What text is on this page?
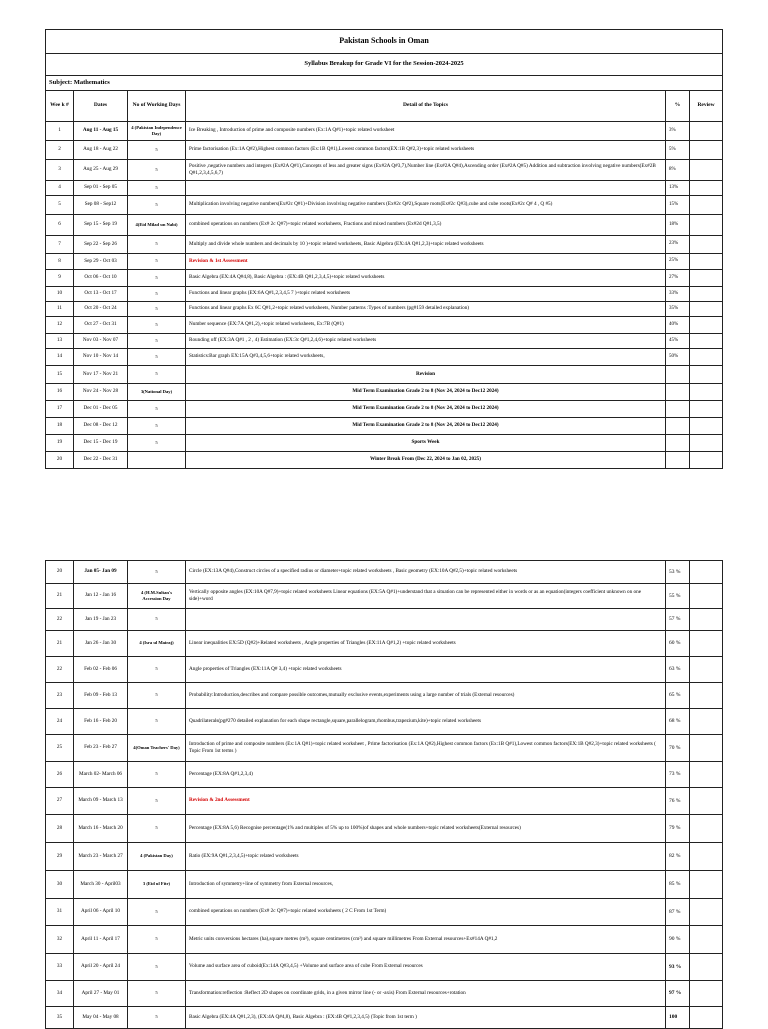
Pakistan Schools in Oman					
Syllabus Breakup for Grade VI for the Session-2024-2025					
Subject: Mathematics					
Wee k #	Dates	No of Working Days	Detail of the Topics	%	Review
1	Aug 11 - Aug 15	4 (Pakistan Independence Day)	Ice Breaking , Introduction of prime and composite numbers (Ex:1A Q#1)+topic related worksheet	3%	
2	Aug 18 - Aug 22	5	Prime factorisation (Ex:1A Q#2),Highest common factors (Ex:1B Q#1),Lowest common factors(EX:1B Q#2,3)+topic related worksheets	5%	
3	Aug 25 - Aug 29	5	Positive ,negative numbers and integers (Ex#2A Q#1),Concepts of less and greater signs (Ex#2A Q#3,7),Number line (Ex#2A Q#4),Ascending order (Ex#2A Q#5) Addition and subtraction involving negative numbers(Ex#2B Q#1,2,3,4,5,6,7)	8%	
4	Sep 01 - Sep 05	5		13%	
5	Sep 08 - Sep12	5	Multiplication involving negative numbers(Ex#2c Q#1)+Division involving negative numbers (Ex#2c Q#2),Square roots(Ex#2c Q#3),cube and cube roots(Ex#2c Q# 4 , Q #5)	15%	
6	Sep 15 - Sep 19	4(Eid Milad un Nabi)	combined operations on numbers (Ex# 2c Q#7)+topic related worksheets, Fractions and mixed numbers (Ex#2d Q#1,3,5)	18%	
7	Sep 22 - Sep 26	5	Multiply and divide whole numbers and decimals by 10 )+topic related worksheets, Basic Algebra (EX:4A Q#1,2,3)+topic related worksheets	23%	
8	Sep 29 - Oct 03	5	Revision & 1st Assessment	25%	
9	Oct 06 - Oct 10	5	Basic Algebra (EX:4A Q#4,8), Basic Algebra : (EX:4B Q#1,2,3,4,5)+topic related worksheets	27%	
10	Oct 13 - Oct 17	5	Functions and linear graphs (EX:6A Q#1,2,3,4,5 7 )+topic related worksheets	33%	
11	Oct 20 - Oct 24	5	Functions and linear graphs Ex 6C Q#1,2+topic related worksheets, Number patterns :Types of numbers (pg#159 detailed explanation)	35%	
12	Oct 27 - Oct 31	5	Number sequence (EX:7A Q#1,2),+topic related worksheets, Ex:7B (Q#1)	40%	
13	Nov 03 - Nov 07	5	Rounding off (EX:3A Q#1 , 2 , 4) Estimation (EX:3c Q#1,2,4,6)+topic related worksheets	45%	
14	Nov 10 - Nov 14	5	Statistics:Bar graph EX:15A Q#3,4,5,6+topic related worksheets,	50%	
15	Nov 17 - Nov 21	5	Revision		
16	Nov 24 - Nov 28	3(National Day)	Mid Term Examination Grade 2 to 8 (Nov 24, 2024 to Dec12 2024)		
17	Dec 01 - Dec 05	5	Mid Term Examination Grade 2 to 8 (Nov 24, 2024 to Dec12 2024)		
18	Dec 08 - Dec 12	5	Mid Term Examination Grade 2 to 8 (Nov 24, 2024 to Dec12 2024)		
19	Dec 15 - Dec 19	5	Sports Week		
20	Dec 22 - Dec 31		Winter Break From (Dec 22, 2024 to Jan 02, 2025)		
20	Jan 05- Jan 09	5	Circle (EX:13A Q#4),Construct circles of a specified radius or diameter+topic related worksheets , Basic geometry (EX:10A Q#2,5)+topic related worksheets	53 %	
21	Jan 12 - Jan 16	4 (H.M.Sultan's Accession Day	Vertically opposite angles (EX:10A Q#7,9)+topic related worksheets Linear equations (EX:5A Q#1)+understand that a situation can be represented either in words or as an equation(integers coefficient unknown on one side)+word	55 %	
22	Jan 19 - Jan 23	5		57 %	
21	Jan 26 - Jan 30	4 (Isra ul Mairaj)	Linear inequalities EX:5D (Q#2)+Related worksheets , Angle properties of Triangles (EX:11A Q#1,2) +topic related worksheets	60 %	
22	Feb 02 - Feb 06	5	Angle properties of Triangles (EX:11A Q# 3,4) +topic related worksheets	63 %	
23	Feb 09 - Feb 13	5	Probability:Introduction,describes and compare possible outcomes,mutually exclusive events,experiments using a large number of trials (External resources)	65 %	
24	Feb 16 - Feb 20	5	Quadrilaterals(pg#270 detailed explanation for each shape rectangle,square,parallelogram,rhombus,trapezium,kite)+topic related worksheets	68 %	
25	Feb 23 - Feb 27	4(Oman Teachers' Day)	Introduction of prime and composite numbers (Ex:1A Q#1)+topic related worksheet , Prime factorisation (Ex:1A Q#2),Highest common factors (Ex:1B Q#1),Lowest common factors(EX:1B Q#2,3)+topic related worksheets ( Topic From 1st terms )	70 %	
26	March 02- March 06	5	Percentage (EX:8A Q#1,2,3,4)	73 %	
27	March 09 - March 13	5	Revision & 2nd Assessment	76 %	
28	March 16 - March 20	5	Percentage (EX:8A 5,6) Recognise percentage(1% and multiples of 5% up to 100%)of shapes and whole numbers+topic related worksheets(External resources)	79 %	
29	March 23 - March 27	4 (Pakistan Day)	Ratio (EX:9A Q#1,2,3,4,5)+topic related worksheets	82 %	
30	March 30 - April03	3 (Eid ul Fitr)	Introduction of symmetry+line of symmetry from External resources,	85 %	
31	April 06 - April 10	5	combined operations on numbers (Ex# 2c Q#7)+topic related worksheets ( 2 C From 1st Term)	87 %	
32	April 11 - April 17	5	Metric units conversions hectares (ha),square metres (m²), square centimetres (cm²) and square millimetres From External resources+Ex#14A Q#1,2	90 %	
33	April 20 - April 24	5	Volume and surface area of cuboid(Ex:14A Q#3,4,5) +Volume and surface area of cube From External resources	93 %	
34	April 27 - May 01	5	Transformation:reflection :Reflect 2D shapes on coordinate grids, in a given mirror line (- or -axis) From External resources+rotation	97 %	
35	May 04 - May 08	5	Basic Algebra (EX:4A Q#1,2,3), (EX:4A Q#4,8), Basic Algebra : (EX:4B Q#1,2,3,4,5) (Topic from 1st term )	100	
